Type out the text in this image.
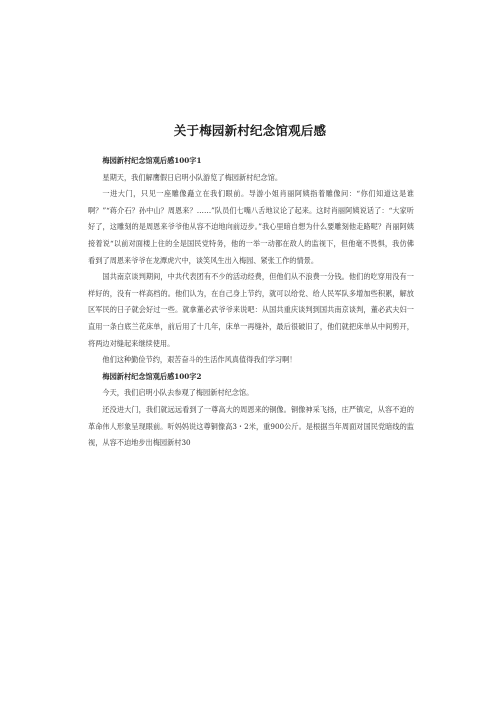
关于梅园新村纪念馆观后感

梅园新村纪念馆观后感100字1

星期天，我们解鹰假日启明小队游览了梅园新村纪念馆。

一进大门，只见一座雕像矗立在我们眼前。导游小姐肖丽阿姨指着雕像问：“你们知道这是谁啊？”“蒋介石？孙中山？周恩来？……”队员们七嘴八舌地议论了起来。这时肖丽阿姨说话了：“大家听好了，这雕刻的是周恩来爷爷他从容不迫地向前迈步。”我心里暗自想为什么要雕刻他走路呢？肖丽阿姨接着说“以前对面楼上住的全是国民党特务，他的一举一动都在敌人的监视下，但他毫不畏惧，我仿佛看到了周恩来爷爷在龙潭虎穴中，谈笑风生出入梅园、紧张工作的情景。

国共南京谈判期间，中共代表团有不少的活动经费，但他们从不浪费一分钱。他们的吃穿用没有一样好的，没有一样高档的。他们认为，在自己身上节约，就可以给党、给人民军队多增加些积累，解放区军民的日子就会好过一些。就拿董必武爷爷来说吧：从国共重庆谈判到国共南京谈判，董必武夫妇一直用一条白底兰花床单，前后用了十几年，床单一再缝补，最后很破旧了，他们就把床单从中间剪开，将两边对缝起来继续使用。

他们这种勤俭节约，艰苦奋斗的生活作风真值得我们学习啊！

梅园新村纪念馆观后感100字2

今天，我们启明小队去参观了梅园新村纪念馆。

还没进大门，我们就远远看到了一尊高大的周恩来的铜像。铜像神采飞扬，庄严镇定，从容不迫的革命伟人形象呈现眼前。听妈妈说这尊铜像高3・2米，重900公斤。是根据当年周面对国民党暗线的监视，从容不迫地步出梅园新村30
